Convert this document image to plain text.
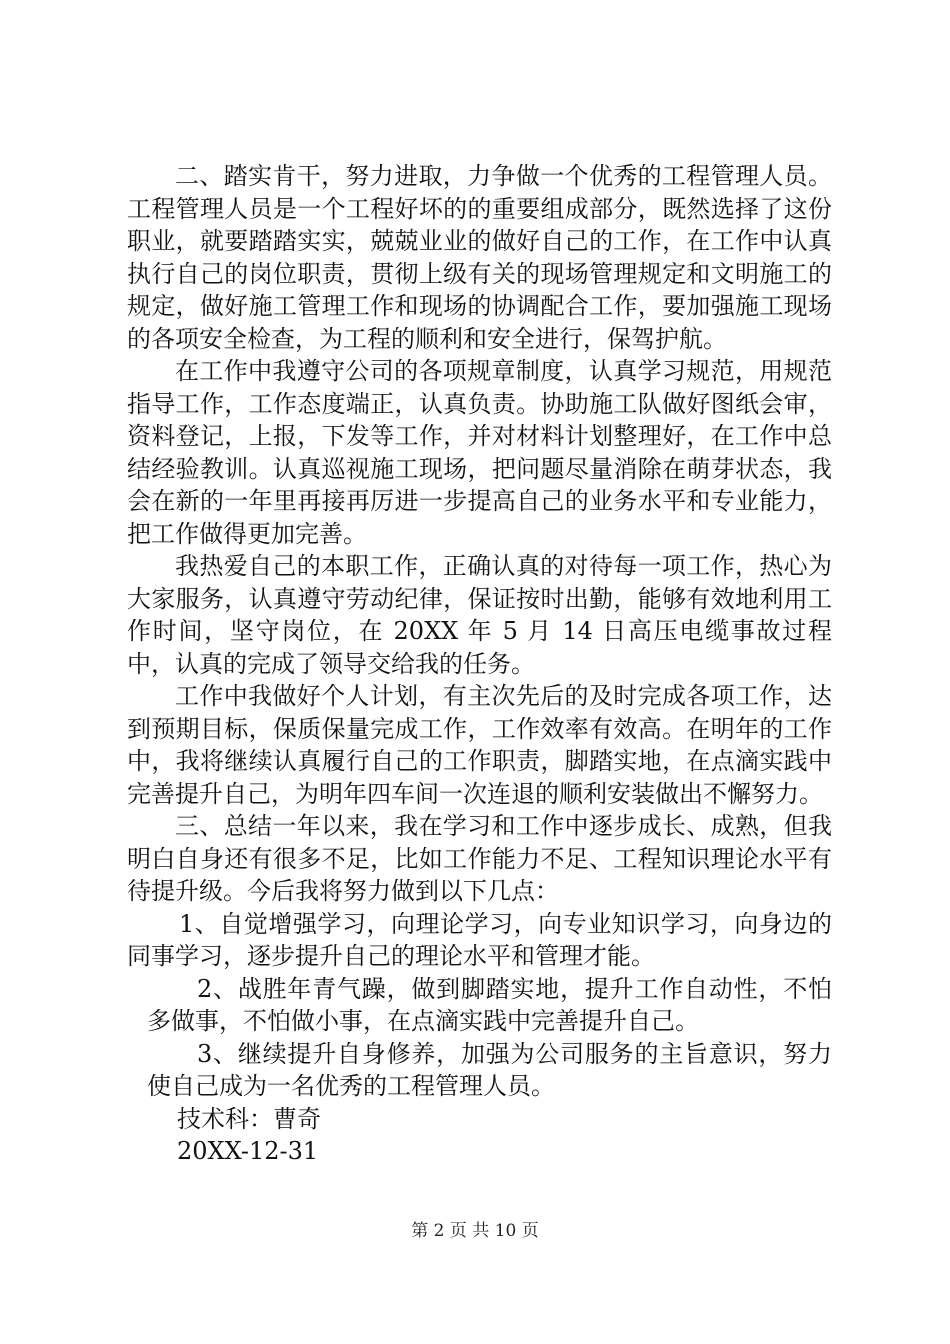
二、踏实肯干，努力进取，力争做一个优秀的工程管理人员。工程管理人员是一个工程好坏的的重要组成部分，既然选择了这份职业，就要踏踏实实，兢兢业业的做好自己的工作，在工作中认真执行自己的岗位职责，贯彻上级有关的现场管理规定和文明施工的规定，做好施工管理工作和现场的协调配合工作，要加强施工现场的各项安全检查，为工程的顺利和安全进行，保驾护航。

在工作中我遵守公司的各项规章制度，认真学习规范，用规范指导工作，工作态度端正，认真负责。协助施工队做好图纸会审，资料登记，上报，下发等工作，并对材料计划整理好，在工作中总结经验教训。认真巡视施工现场，把问题尽量消除在萌芽状态，我会在新的一年里再接再厉进一步提高自己的业务水平和专业能力，把工作做得更加完善。

我热爱自己的本职工作，正确认真的对待每一项工作，热心为大家服务，认真遵守劳动纪律，保证按时出勤，能够有效地利用工作时间，坚守岗位，在 20XX 年 5 月 14 日高压电缆事故过程中，认真的完成了领导交给我的任务。

工作中我做好个人计划，有主次先后的及时完成各项工作，达到预期目标，保质保量完成工作，工作效率有效高。在明年的工作中，我将继续认真履行自己的工作职责，脚踏实地，在点滴实践中完善提升自己，为明年四车间一次连退的顺利安装做出不懈努力。

三、总结一年以来，我在学习和工作中逐步成长、成熟，但我明白自身还有很多不足，比如工作能力不足、工程知识理论水平有待提升级。今后我将努力做到以下几点：

1、自觉增强学习，向理论学习，向专业知识学习，向身边的同事学习，逐步提升自己的理论水平和管理才能。

2、战胜年青气躁，做到脚踏实地，提升工作自动性，不怕多做事，不怕做小事，在点滴实践中完善提升自己。

3、继续提升自身修养，加强为公司服务的主旨意识，努力使自己成为一名优秀的工程管理人员。

技术科：曹奇

20XX-12-31

第 2 页 共 10 页
